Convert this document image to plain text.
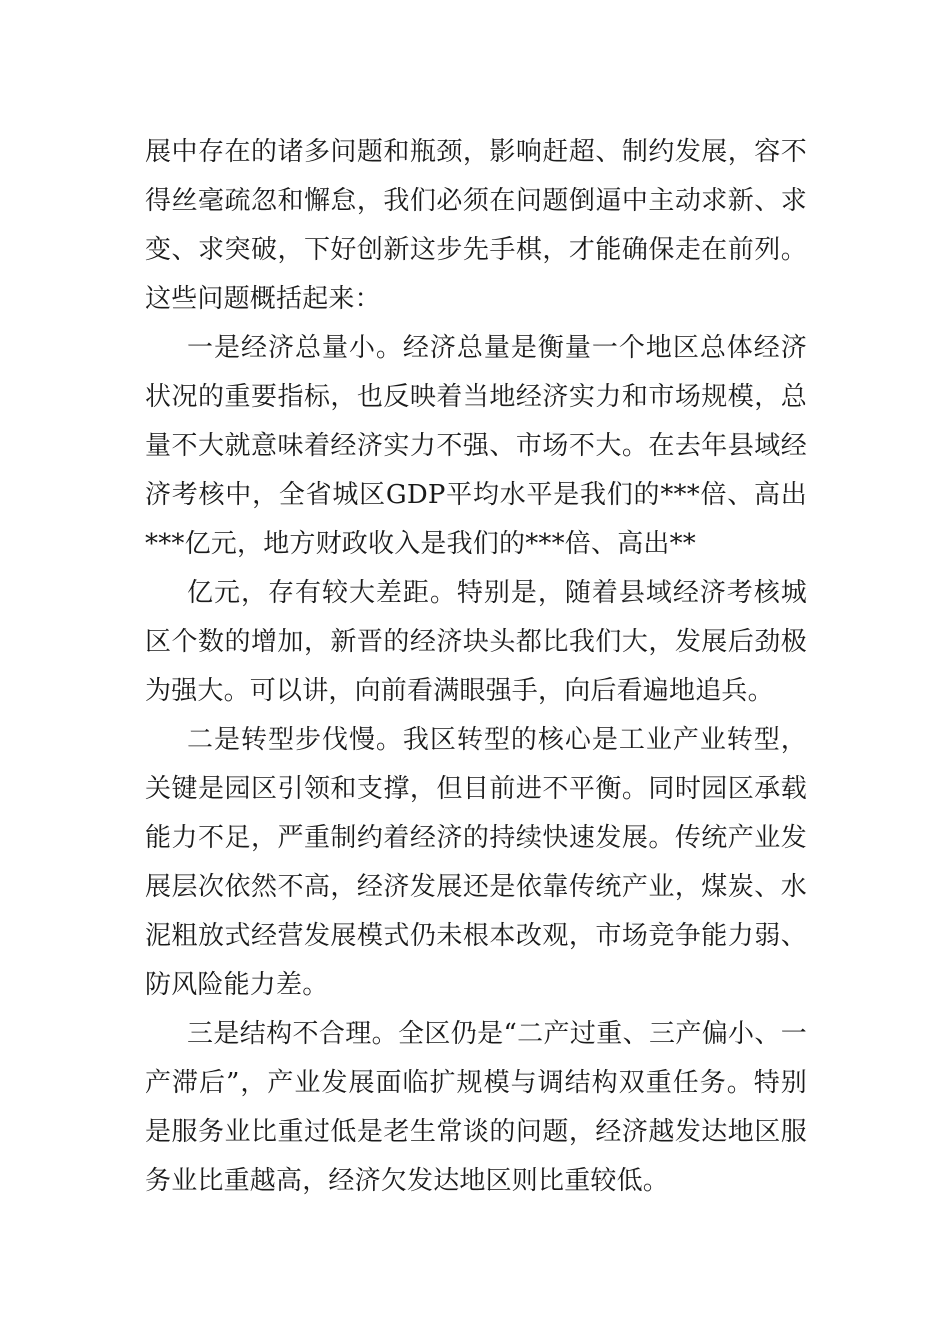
展中存在的诸多问题和瓶颈，影响赶超、制约发展，容不得丝毫疏忽和懈怠，我们必须在问题倒逼中主动求新、求变、求突破，下好创新这步先手棋，才能确保走在前列。这些问题概括起来：

一是经济总量小。经济总量是衡量一个地区总体经济状况的重要指标，也反映着当地经济实力和市场规模，总量不大就意味着经济实力不强、市场不大。在去年县域经济考核中，全省城区GDP平均水平是我们的***倍、高出***亿元，地方财政收入是我们的***倍、高出**

亿元，存有较大差距。特别是，随着县域经济考核城区个数的增加，新晋的经济块头都比我们大，发展后劲极为强大。可以讲，向前看满眼强手，向后看遍地追兵。

二是转型步伐慢。我区转型的核心是工业产业转型，关键是园区引领和支撑，但目前进不平衡。同时园区承载能力不足，严重制约着经济的持续快速发展。传统产业发展层次依然不高，经济发展还是依靠传统产业，煤炭、水泥粗放式经营发展模式仍未根本改观，市场竞争能力弱、防风险能力差。

三是结构不合理。全区仍是“二产过重、三产偏小、一产滞后”，产业发展面临扩规模与调结构双重任务。特别是服务业比重过低是老生常谈的问题，经济越发达地区服务业比重越高，经济欠发达地区则比重较低。
